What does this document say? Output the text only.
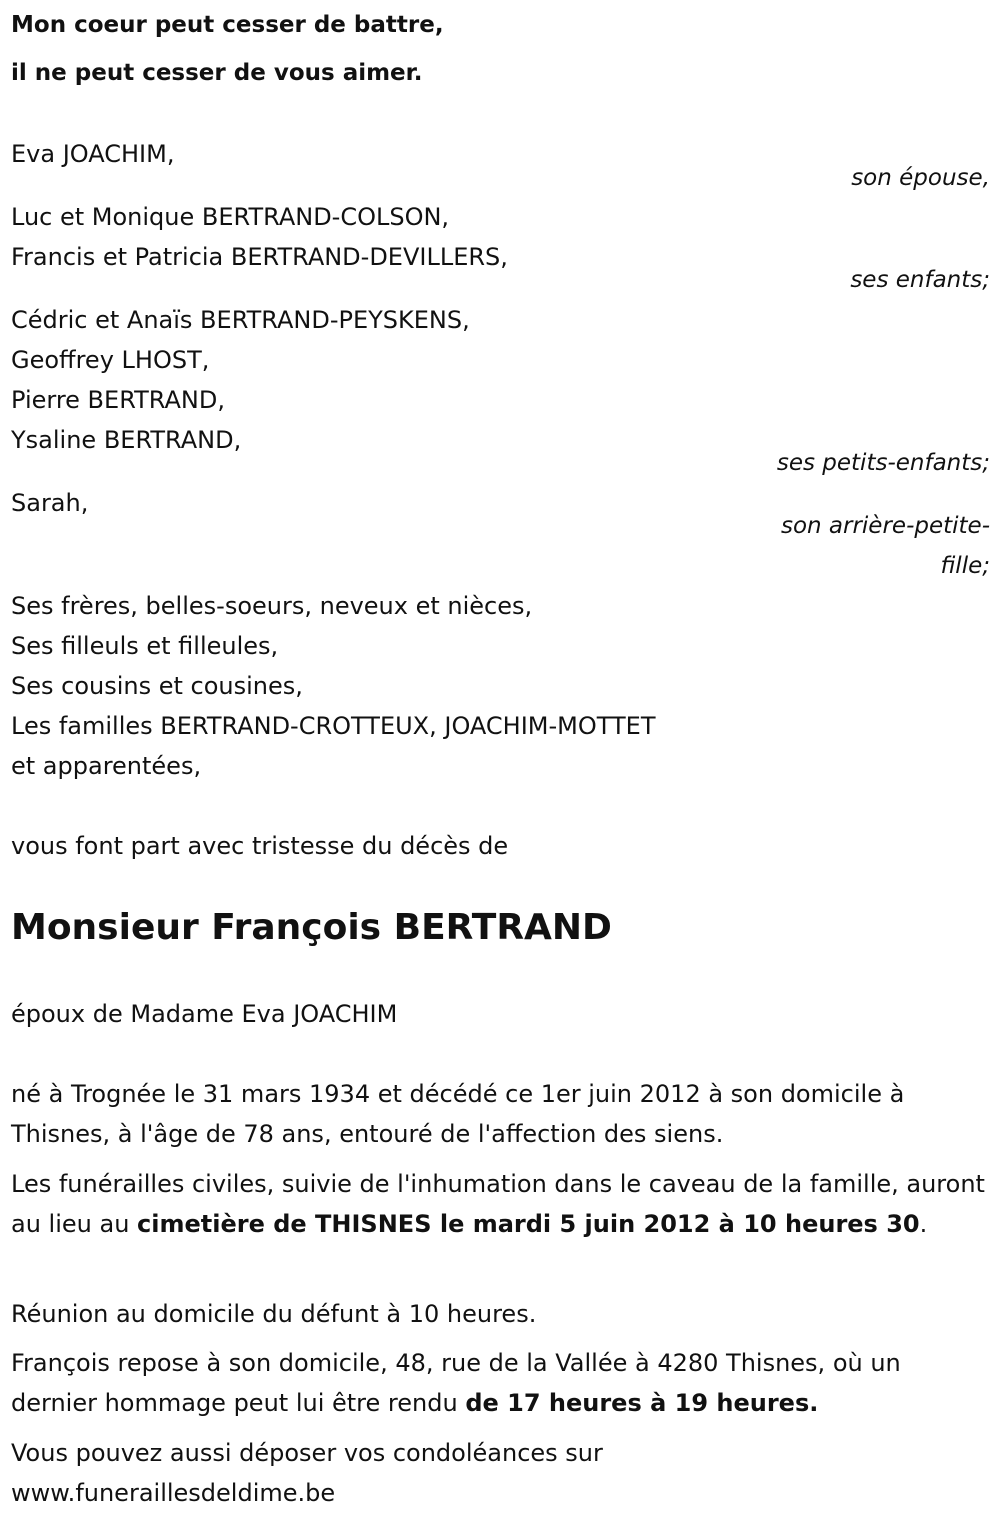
Mon coeur peut cesser de battre,
il ne peut cesser de vous aimer.
Eva JOACHIM,
son épouse,
Luc et Monique BERTRAND-COLSON,
Francis et Patricia BERTRAND-DEVILLERS,
ses enfants;
Cédric et Anaïs BERTRAND-PEYSKENS,
Geoffrey LHOST,
Pierre BERTRAND,
Ysaline BERTRAND,
ses petits-enfants;
Sarah,
son arrière-petite-
fille;
Ses frères, belles-soeurs, neveux et nièces,
Ses filleuls et filleules,
Ses cousins et cousines,
Les familles BERTRAND-CROTTEUX, JOACHIM-MOTTET
et apparentées,
vous font part avec tristesse du décès de
Monsieur François BERTRAND
époux de Madame Eva JOACHIM
né à Trognée le 31 mars 1934 et décédé ce 1er juin 2012 à son domicile à Thisnes, à l'âge de 78 ans, entouré de l'affection des siens.
Les funérailles civiles, suivie de l'inhumation dans le caveau de la famille, auront au lieu au cimetière de THISNES le mardi 5 juin 2012 à 10 heures 30.
Réunion au domicile du défunt à 10 heures.
François repose à son domicile, 48, rue de la Vallée à 4280 Thisnes, où un dernier hommage peut lui être rendu de 17 heures à 19 heures.
Vous pouvez aussi déposer vos condoléances sur
www.funeraillesdeldime.be
